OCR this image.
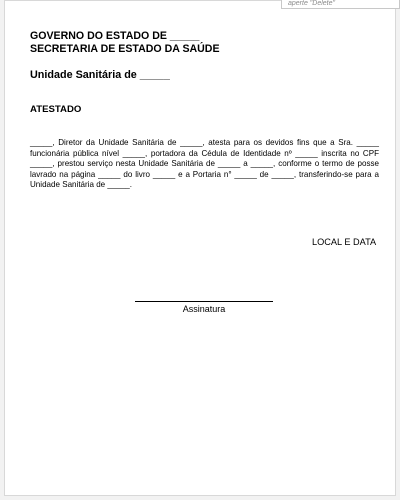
GOVERNO DO ESTADO DE _____
SECRETARIA DE ESTADO DA SAÚDE
Unidade Sanitária de _____
ATESTADO
_____, Diretor da Unidade Sanitária de _____, atesta para os devidos fins que a Sra. _____ funcionária pública nível _____, portadora da Cédula de Identidade nº _____ inscrita no CPF _____, prestou serviço nesta Unidade Sanitária de _____ a _____, conforme o termo de posse lavrado na página _____ do livro _____ e a Portaria n° _____ de _____, transferindo-se para a Unidade Sanitária de _____.
LOCAL E DATA
Assinatura
aperte "Delete"
